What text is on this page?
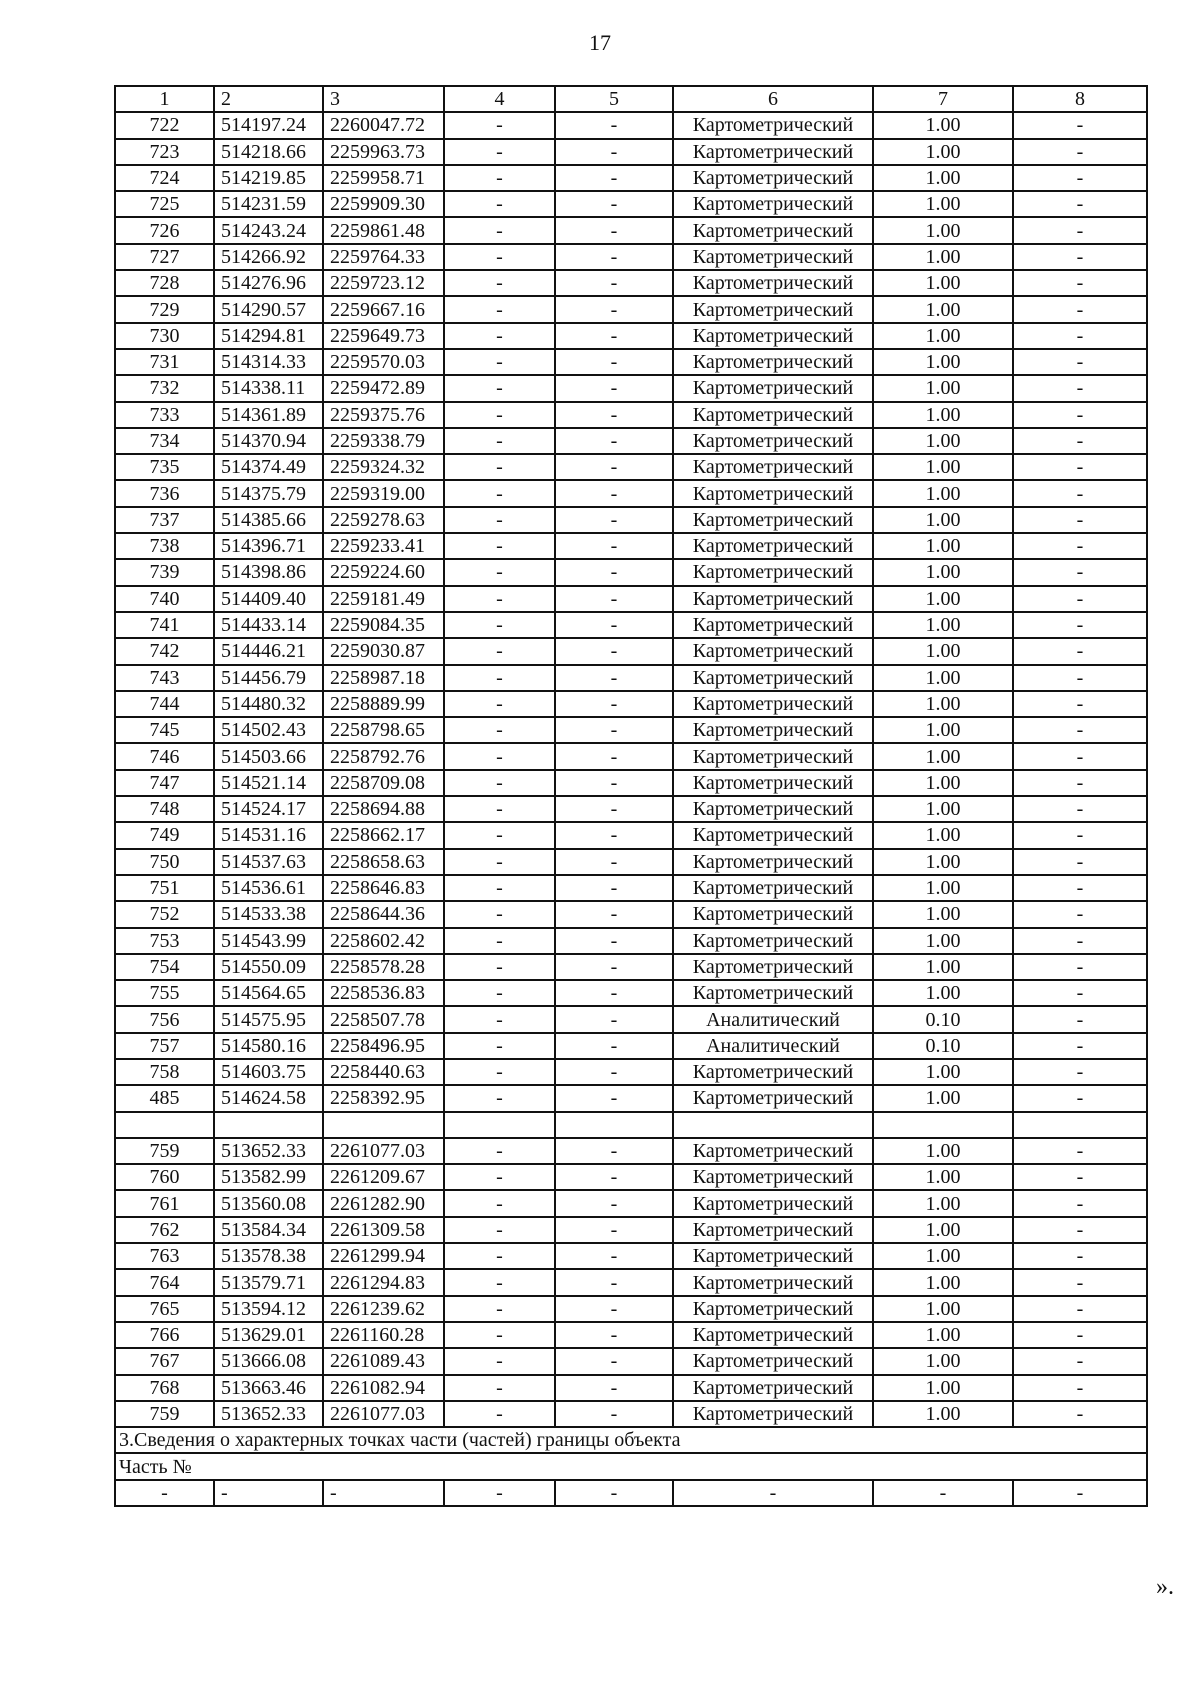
17
1	2	3	4	5	6	7	8
722	514197.24	2260047.72	-	-	Картометрический	1.00	-
723	514218.66	2259963.73	-	-	Картометрический	1.00	-
724	514219.85	2259958.71	-	-	Картометрический	1.00	-
725	514231.59	2259909.30	-	-	Картометрический	1.00	-
726	514243.24	2259861.48	-	-	Картометрический	1.00	-
727	514266.92	2259764.33	-	-	Картометрический	1.00	-
728	514276.96	2259723.12	-	-	Картометрический	1.00	-
729	514290.57	2259667.16	-	-	Картометрический	1.00	-
730	514294.81	2259649.73	-	-	Картометрический	1.00	-
731	514314.33	2259570.03	-	-	Картометрический	1.00	-
732	514338.11	2259472.89	-	-	Картометрический	1.00	-
733	514361.89	2259375.76	-	-	Картометрический	1.00	-
734	514370.94	2259338.79	-	-	Картометрический	1.00	-
735	514374.49	2259324.32	-	-	Картометрический	1.00	-
736	514375.79	2259319.00	-	-	Картометрический	1.00	-
737	514385.66	2259278.63	-	-	Картометрический	1.00	-
738	514396.71	2259233.41	-	-	Картометрический	1.00	-
739	514398.86	2259224.60	-	-	Картометрический	1.00	-
740	514409.40	2259181.49	-	-	Картометрический	1.00	-
741	514433.14	2259084.35	-	-	Картометрический	1.00	-
742	514446.21	2259030.87	-	-	Картометрический	1.00	-
743	514456.79	2258987.18	-	-	Картометрический	1.00	-
744	514480.32	2258889.99	-	-	Картометрический	1.00	-
745	514502.43	2258798.65	-	-	Картометрический	1.00	-
746	514503.66	2258792.76	-	-	Картометрический	1.00	-
747	514521.14	2258709.08	-	-	Картометрический	1.00	-
748	514524.17	2258694.88	-	-	Картометрический	1.00	-
749	514531.16	2258662.17	-	-	Картометрический	1.00	-
750	514537.63	2258658.63	-	-	Картометрический	1.00	-
751	514536.61	2258646.83	-	-	Картометрический	1.00	-
752	514533.38	2258644.36	-	-	Картометрический	1.00	-
753	514543.99	2258602.42	-	-	Картометрический	1.00	-
754	514550.09	2258578.28	-	-	Картометрический	1.00	-
755	514564.65	2258536.83	-	-	Картометрический	1.00	-
756	514575.95	2258507.78	-	-	Аналитический	0.10	-
757	514580.16	2258496.95	-	-	Аналитический	0.10	-
758	514603.75	2258440.63	-	-	Картометрический	1.00	-
485	514624.58	2258392.95	-	-	Картометрический	1.00	-

759	513652.33	2261077.03	-	-	Картометрический	1.00	-
760	513582.99	2261209.67	-	-	Картометрический	1.00	-
761	513560.08	2261282.90	-	-	Картометрический	1.00	-
762	513584.34	2261309.58	-	-	Картометрический	1.00	-
763	513578.38	2261299.94	-	-	Картометрический	1.00	-
764	513579.71	2261294.83	-	-	Картометрический	1.00	-
765	513594.12	2261239.62	-	-	Картометрический	1.00	-
766	513629.01	2261160.28	-	-	Картометрический	1.00	-
767	513666.08	2261089.43	-	-	Картометрический	1.00	-
768	513663.46	2261082.94	-	-	Картометрический	1.00	-
759	513652.33	2261077.03	-	-	Картометрический	1.00	-
3.Сведения о характерных точках части (частей) границы объекта							
Часть №							
-	-	-	-	-	-	-	-
».
